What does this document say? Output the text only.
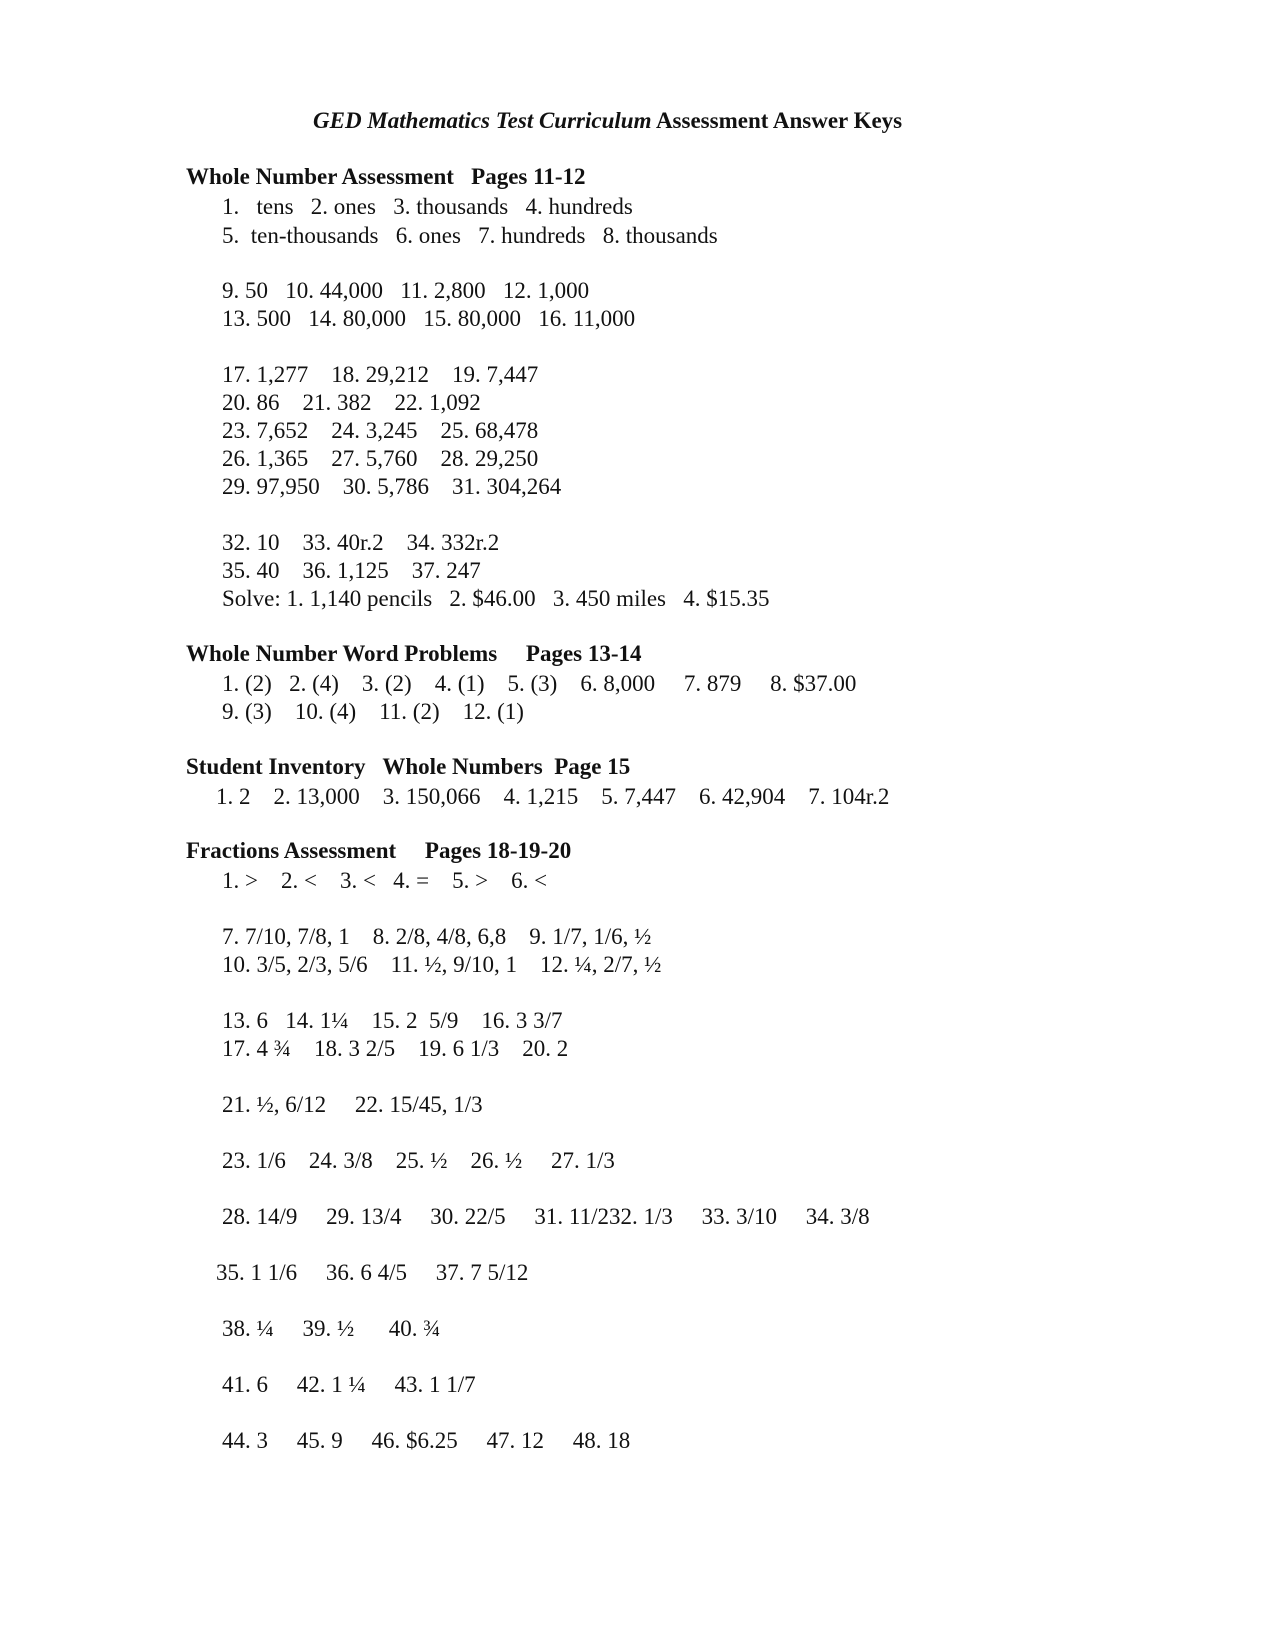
GED Mathematics Test Curriculum Assessment Answer Keys
Whole Number Assessment   Pages 11-12
1.   tens   2. ones   3. thousands   4. hundreds
5.  ten-thousands   6. ones   7. hundreds   8. thousands
9. 50   10. 44,000   11. 2,800   12. 1,000
13. 500   14. 80,000   15. 80,000   16. 11,000
17. 1,277    18. 29,212    19. 7,447
20. 86    21. 382    22. 1,092
23. 7,652    24. 3,245    25. 68,478
26. 1,365    27. 5,760    28. 29,250
29. 97,950    30. 5,786    31. 304,264
32. 10    33. 40r.2    34. 332r.2
35. 40    36. 1,125    37. 247
Solve: 1. 1,140 pencils   2. $46.00   3. 450 miles   4. $15.35
Whole Number Word Problems     Pages 13-14
1. (2)   2. (4)    3. (2)    4. (1)    5. (3)    6. 8,000     7. 879     8. $37.00
9. (3)    10. (4)    11. (2)    12. (1)
Student Inventory   Whole Numbers  Page 15
1. 2    2. 13,000    3. 150,066    4. 1,215    5. 7,447    6. 42,904    7. 104r.2
Fractions Assessment     Pages 18-19-20
1. >    2. <    3. <   4. =    5. >    6. <
7. 7/10, 7/8, 1    8. 2/8, 4/8, 6,8    9. 1/7, 1/6, ½
10. 3/5, 2/3, 5/6    11. ½, 9/10, 1    12. ¼, 2/7, ½
13. 6   14. 1¼    15. 2  5/9    16. 3 3/7
17. 4 ¾    18. 3 2/5    19. 6 1/3    20. 2
21. ½, 6/12     22. 15/45, 1/3
23. 1/6    24. 3/8    25. ½    26. ½     27. 1/3
28. 14/9     29. 13/4     30. 22/5     31. 11/232. 1/3     33. 3/10     34. 3/8
35. 1 1/6     36. 6 4/5     37. 7 5/12
38. ¼     39. ½      40. ¾
41. 6     42. 1 ¼     43. 1 1/7
44. 3     45. 9     46. $6.25     47. 12     48. 18
